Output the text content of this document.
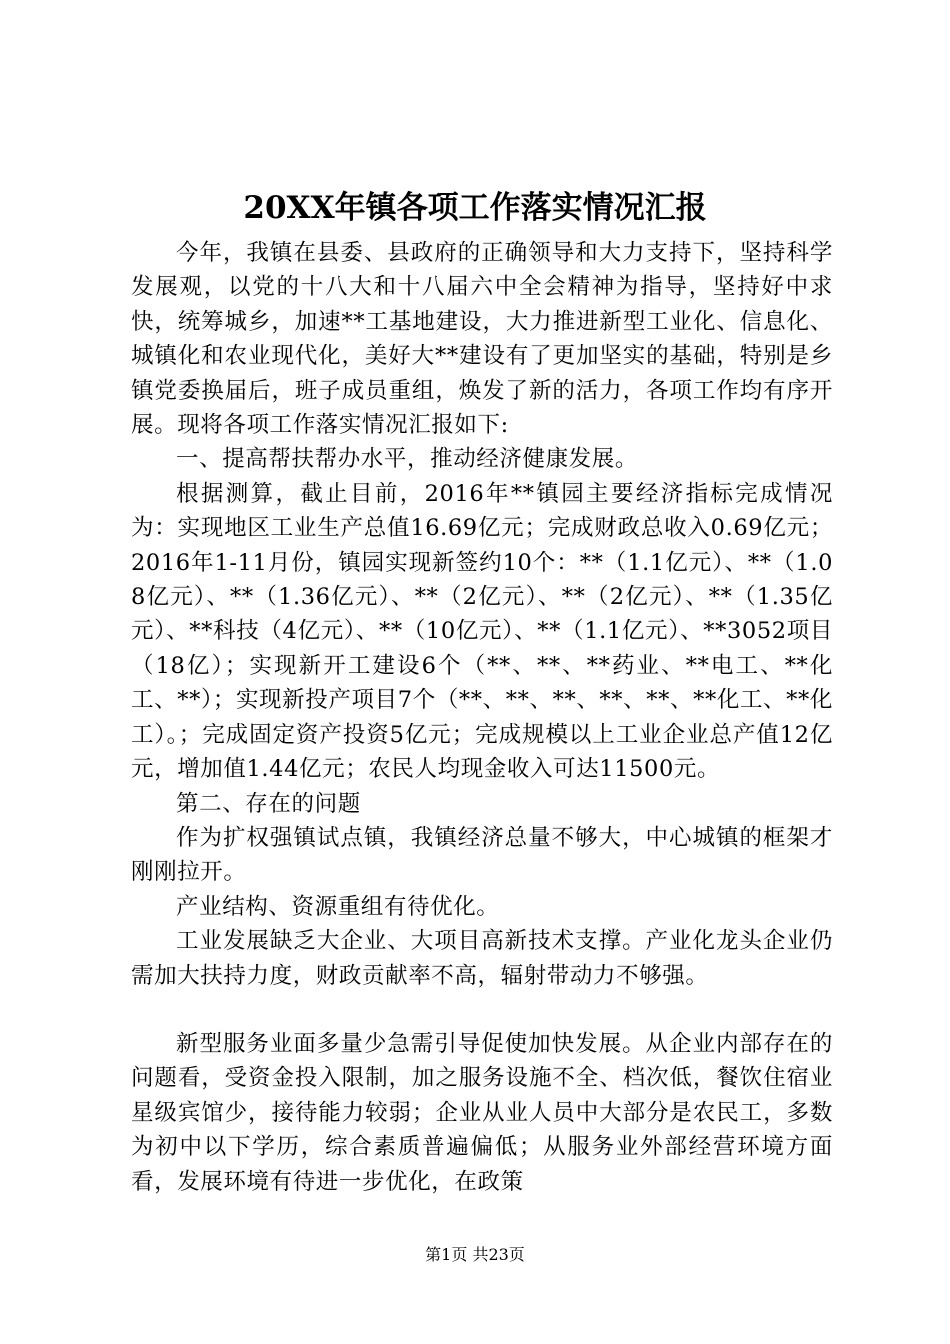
20XX年镇各项工作落实情况汇报

今年，我镇在县委、县政府的正确领导和大力支持下，坚持科学发展观，以党的十八大和十八届六中全会精神为指导，坚持好中求快，统筹城乡，加速**工基地建设，大力推进新型工业化、信息化、城镇化和农业现代化，美好大**建设有了更加坚实的基础，特别是乡镇党委换届后，班子成员重组，焕发了新的活力，各项工作均有序开展。现将各项工作落实情况汇报如下:

一、提高帮扶帮办水平，推动经济健康发展。

根据测算，截止目前，2016年**镇园主要经济指标完成情况为：实现地区工业生产总值16.69亿元；完成财政总收入0.69亿元；2016年1-11月份，镇园实现新签约10个：**（1.1亿元）、**（1.08亿元）、**（1.36亿元）、**（2亿元）、**（2亿元）、**（1.35亿元）、**科技（4亿元）、**（10亿元）、**（1.1亿元）、**3052项目（18亿）；实现新开工建设6个（**、**、**药业、**电工、**化工、**）；实现新投产项目7个（**、**、**、**、**、**化工、**化工）。；完成固定资产投资5亿元；完成规模以上工业企业总产值12亿元，增加值1.44亿元；农民人均现金收入可达11500元。

第二、存在的问题

作为扩权强镇试点镇，我镇经济总量不够大，中心城镇的框架才刚刚拉开。

产业结构、资源重组有待优化。

工业发展缺乏大企业、大项目高新技术支撑。产业化龙头企业仍需加大扶持力度，财政贡献率不高，辐射带动力不够强。

新型服务业面多量少急需引导促使加快发展。从企业内部存在的问题看，受资金投入限制，加之服务设施不全、档次低，餐饮住宿业星级宾馆少，接待能力较弱；企业从业人员中大部分是农民工，多数为初中以下学历，综合素质普遍偏低；从服务业外部经营环境方面看，发展环境有待进一步优化，在政策

第1页 共23页
